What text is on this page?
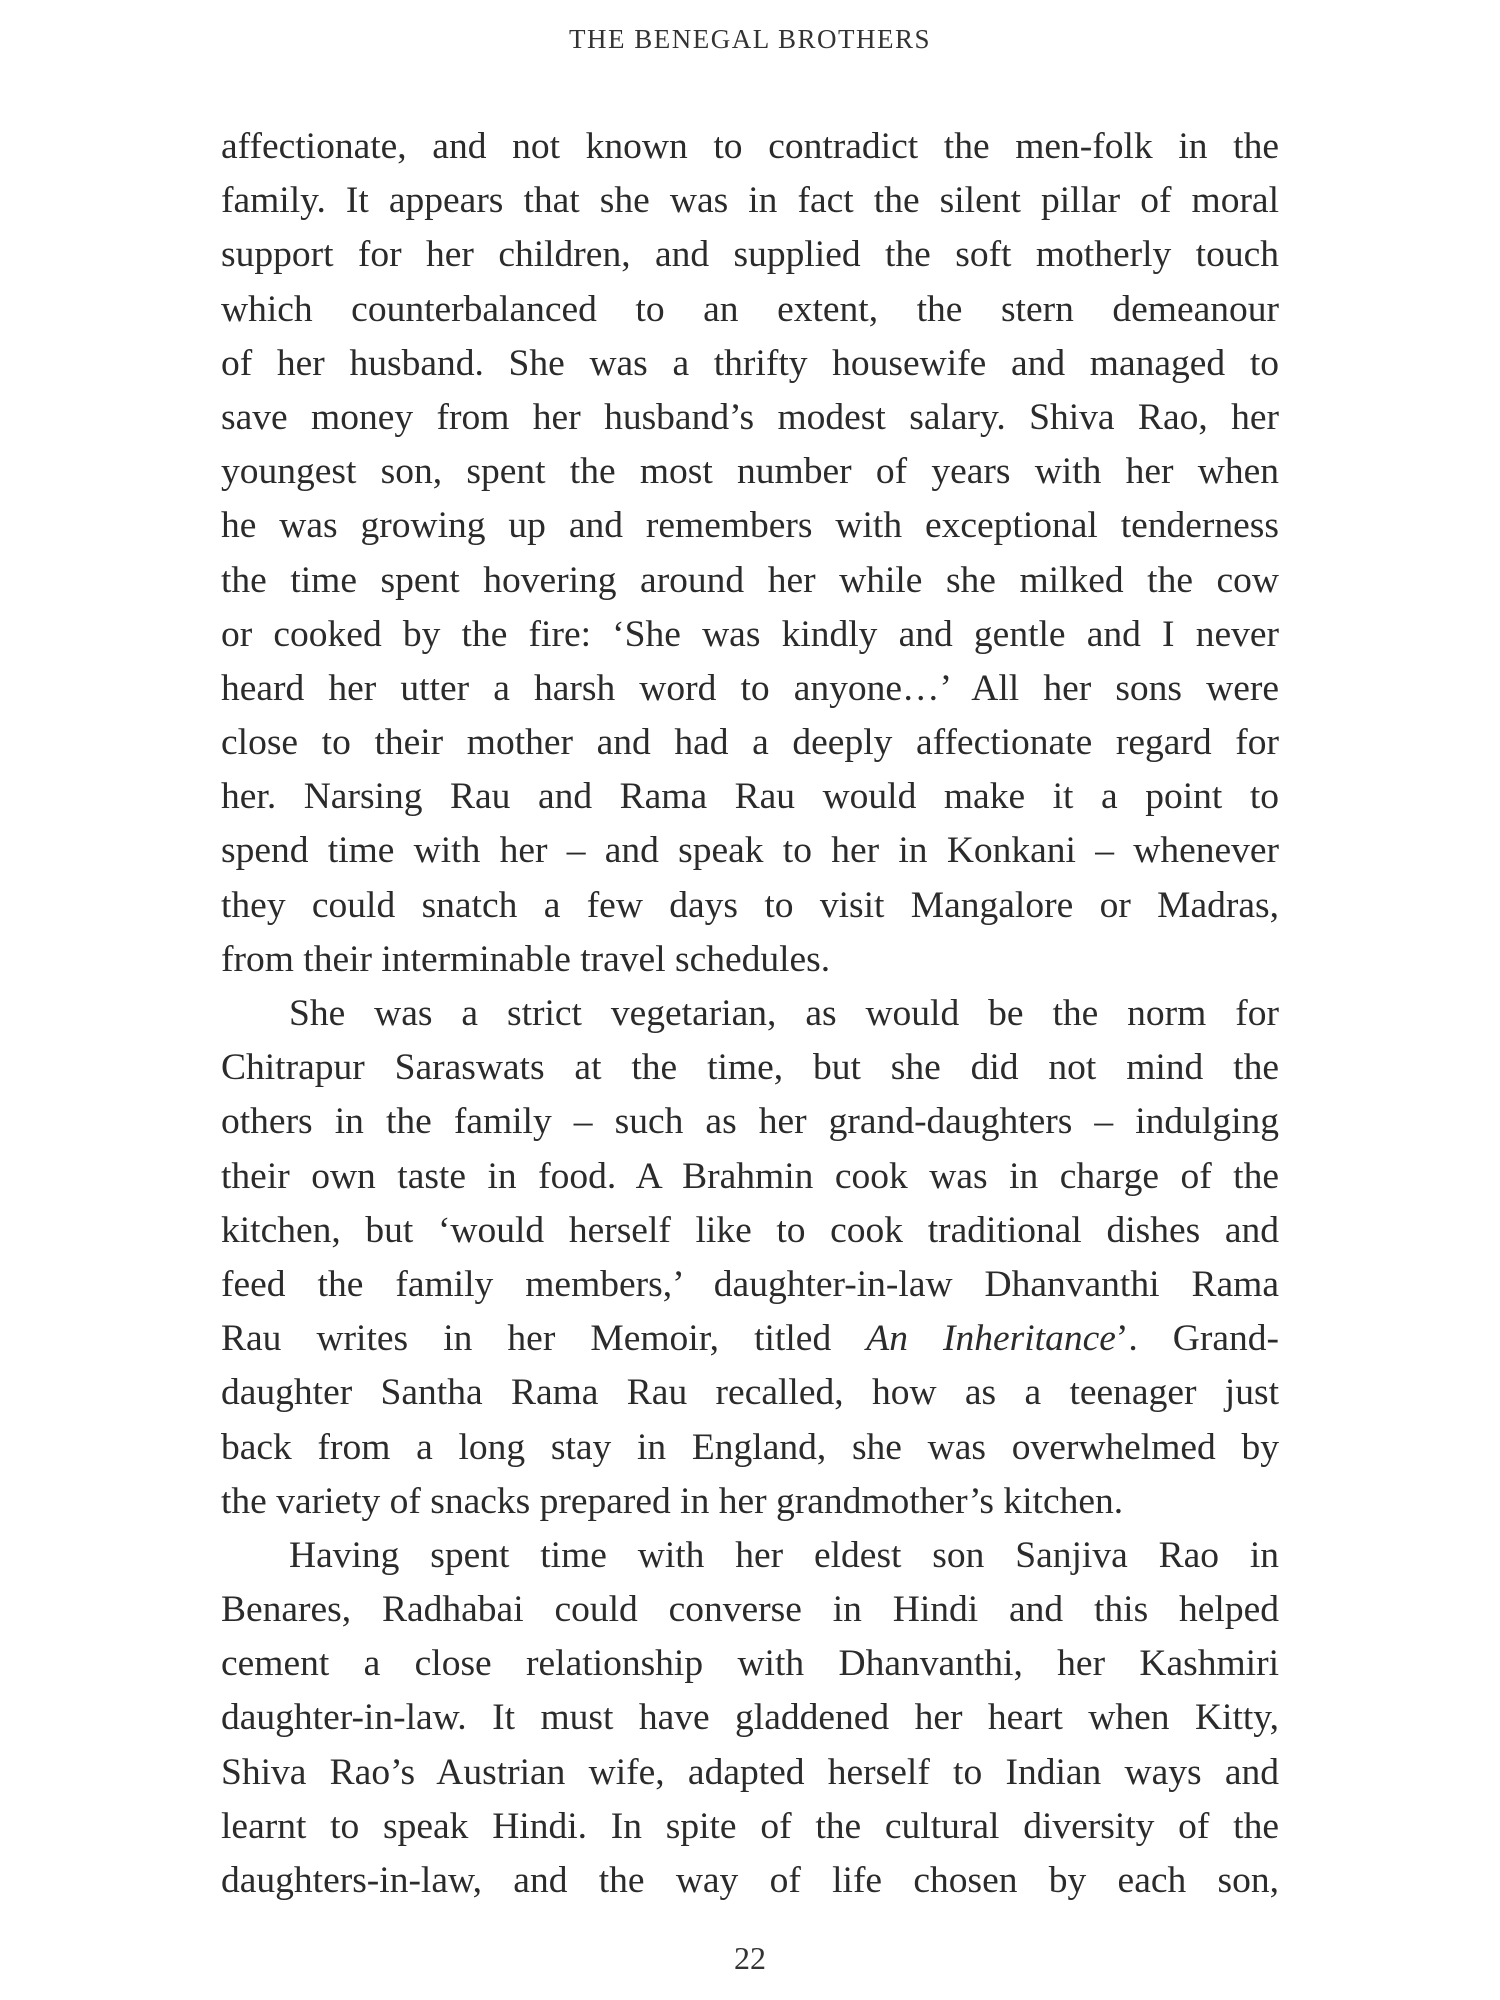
THE BENEGAL BROTHERS
affectionate, and not known to contradict the men-folk in the
family. It appears that she was in fact the silent pillar of moral
support for her children, and supplied the soft motherly touch
which counterbalanced to an extent, the stern demeanour
of her husband. She was a thrifty housewife and managed to
save money from her husband’s modest salary. Shiva Rao, her
youngest son, spent the most number of years with her when
he was growing up and remembers with exceptional tenderness
the time spent hovering around her while she milked the cow
or cooked by the fire: ‘She was kindly and gentle and I never
heard her utter a harsh word to anyone…’ All her sons were
close to their mother and had a deeply affectionate regard for
her. Narsing Rau and Rama Rau would make it a point to
spend time with her – and speak to her in Konkani – whenever
they could snatch a few days to visit Mangalore or Madras,
from their interminable travel schedules.
She was a strict vegetarian, as would be the norm for
Chitrapur Saraswats at the time, but she did not mind the
others in the family – such as her grand-daughters – indulging
their own taste in food. A Brahmin cook was in charge of the
kitchen, but ‘would herself like to cook traditional dishes and
feed the family members,’ daughter-in-law Dhanvanthi Rama
Rau writes in her Memoir, titled An Inheritance’. Grand-
daughter Santha Rama Rau recalled, how as a teenager just
back from a long stay in England, she was overwhelmed by
the variety of snacks prepared in her grandmother’s kitchen.
Having spent time with her eldest son Sanjiva Rao in
Benares, Radhabai could converse in Hindi and this helped
cement a close relationship with Dhanvanthi, her Kashmiri
daughter-in-law. It must have gladdened her heart when Kitty,
Shiva Rao’s Austrian wife, adapted herself to Indian ways and
learnt to speak Hindi. In spite of the cultural diversity of the
daughters-in-law, and the way of life chosen by each son,
22
